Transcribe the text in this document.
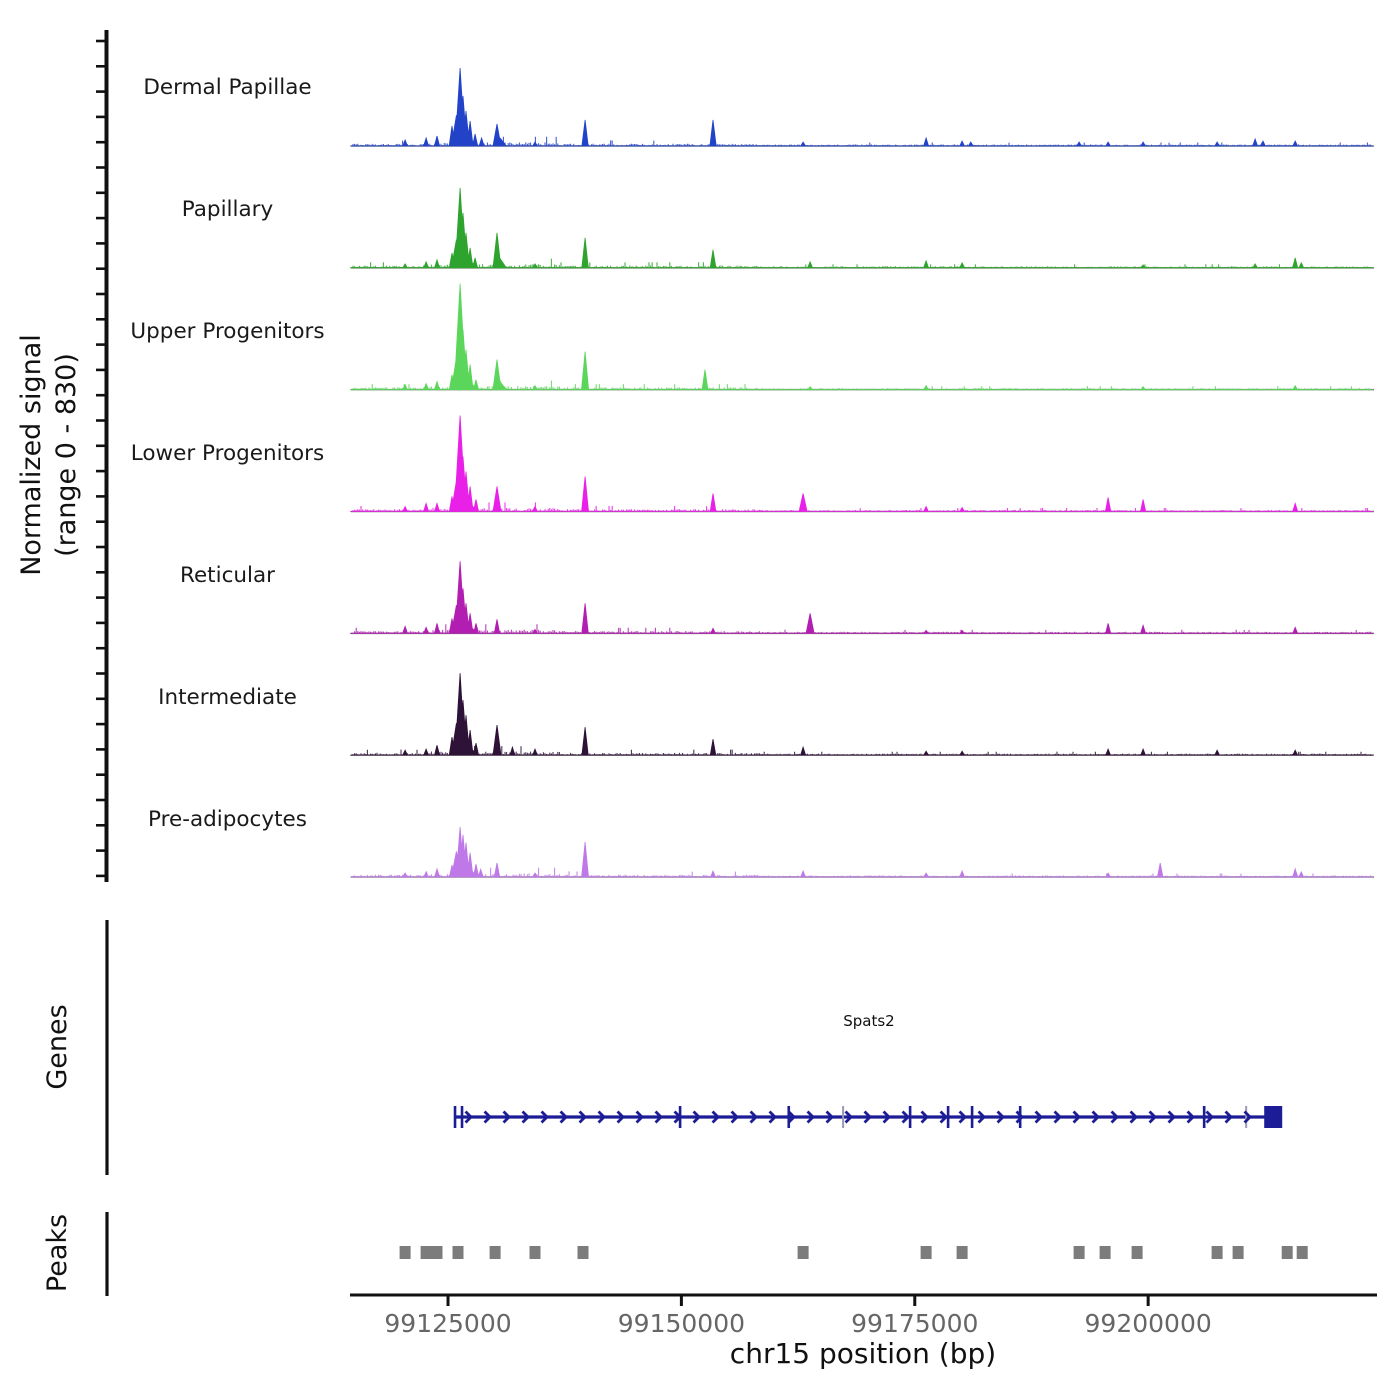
Normalized signal (range 0 - 830)
Dermal Papillae
Papillary
Upper Progenitors
Lower Progenitors
Reticular
Intermediate
Pre-adipocytes
Genes
Peaks
Spats2
99125000	99150000	99175000	99200000
chr15 position (bp)
